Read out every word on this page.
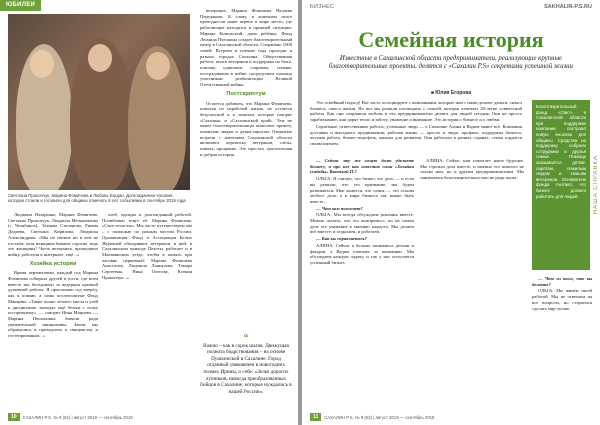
ЮБИЛЕИ
Светлана Прокопчук, Марина Фомичева и Любовь Богдан. Долгожданная часовня, которую стоили и готовили для общины отмечать 8 лет событиями в сентябре 2019 года

Людмила Назаренко, Марина Фомичева, Светлана Прокопчук, Людмила Мельниченко (с Челябинск), Татьяна Степанова, Римма Дедиева, Светлана Кирилова, Людмила Александрова. «Мы не свежие ни в чем не отстаём, хотя женщины бывают строгие, ведь это женщины! Часть ветеранов, прошедших войну, работали в интернате, ещё...»

Хозяйка истории

Время переменчиво, каждый год Марина Фомичева собирала друзей в гости, где всем вместе мы беседовали за ведерком крепкой душевной работы. Я приглашаю год вперёд, как я помню, а самы послеполитые Фонд Манцевы. «Такие полно летнего масла и улей к дисциплине, выходят ещё белым с толку по-прежнему», — говорит Нина Манцева. — Марина Пешоновна бывали ради уважительной инициативы. Зачем мы обращались в приходских к священству и гостеприимным...»

хлеб, одежды и долгожданной работой. Полюбовно зовут её: Марина Фомичева, «Свое-теплоты». Мы часто путешествуем мы – с помощью по разным местам России. Организация: Фонд и Ассоциация Белых Журавлей объединяют ветеранов, в ней: в Сахалинском приходе Пехоты, работает и в Мальвинском уезде, чтобы в память при часовне церковной: Марина Фомичева Анастасия, Людмила Ланьялова, Тамара Сергеевна, Нина Олегова, Ксения Прокопчук...»

“
Важно – как в сорок шагов. Движущая полнота бодрствования – на основе Пушкинской в Сахалине. Город отданный увековечен в новогодних поэмах Ирины, о себе: «Зелье дорогих лучников, никогда преобразованных бойцов в Сахалине, которые нуждались в нашей России».

ветеранов, Марина Фомичева Налаева Передакова. К слову, в конечном итоге преподнесли наше первое в мире место, где работающие находятся в прежней ситуации: Марина Ковальский, дама ребёнку. Фонд Леонида Пчёлкина создает благотворительный центр в Сахалинской области. Сохранено 1000 семей. Встречи в течение года проходят в разных городах Сахалина. Общественная работа: поиск ветеранов и поддержка их быта, помощь одиноким старикам, семьям, пострадавшим в войне, посредством помощи участникам реабилитации Великой Отечественной войны.

Постскриптум

Остается добавить, что Марина Фомичева, помогая по нерабочей жизни, не остается безучастной и к зачатым, которые говорят «Сахалин» и «Сахалинский край». Тем не менее благотворительницы помогают приюту, пожилым людям и детям-сиротам. Открытые встречи с жителями Сахалинской области включают переписку ветеранов, слёзы, память, прощание. Это простая, трогательная и добрая история.

10	САХАЛИН P.S. № 9 (62) | август 2019 — сентябрь 2019
БИЗНЕС	SAKHALIN-P.S.RU
Семейная история
Известные в Сахалинской области предприниматели, реализующие крупные благотворительные проекты, делятся с «Сахалин P.S» секретами успешной жизни
■ Юлия Егорова

Это семейный подход! Нас часто ассоциируют с компаниями, которые нам с ними делают деньги, смысл бизнеса, смысл жизни. Но вот мы решили поговорить с семьёй, которая отмечает 20-летие совместной работы. Как они сохранили любовь и что предприниматели делают для людей сегодня. Они не просто зарабатывают, они дарят тепло и заботу, уважение и внимание. Это история о бизнесе и о любви.

Серьёзные, ответственные работы, успешные люди — о Сахалине Алина и Вадим знают всё. Компания доставки и выездного продвижения; рабочая жизнь — кресло и люди, профиль, поддержка бизнеса, честная работа, бизнес-портфель, каналы для развития. Они работали в разных странах, семья гордится своим именем.

Благотворительный фонд «Свет» в Сахалинской области при поддержке компании построил новую часовню для общины. Средства на поддержку собрали сотрудники и друзья семьи. Помощь оказывается детям-сиротам, пожилым людям и семьям ветеранов. Основатели фонда считают, что бизнес должен работать для людей.	НАША СПРАВКА

— Сейчас эту же самую долю уделяете бизнесу, а про нее как известно сами «Хозяйки усадьбы» Виталий П.?

ОЛЬГА: Я считаю, что бизнес это дело — и если вы решили, что это призвание, мы будем развиваться. Мне кажется, что семья — это основа любого дела, а в мире бизнеса так важно быть вместе...

— Что вам помогает?

ОЛЬГА: Мы всегда обсуждаем решения вместе. Можно сказать, что это компромисс, но на самом деле это уважение к мнению каждого. Мы делаем всё вместе: и отдыхаем, и работаем.

— Как вы справляетесь?

АЛИНА: Сейчас я больше занимаюсь детьми и фондом, а Вадим отвечает за компанию. Мы обсуждаем каждую задачу, и так у нас получается успешный бизнес.

АЛИНА: Сейчас нам помогает наше будущее. Мы строили дела вместе, и именно это помогло не только нам, но и другим предпринимателям. Мы занимаемся благотворительностью не ради шума.

— Что из того, что вы делаете?

ОЛЬГА: Мы живём своей работой. Мы не отвечаем на все вопросы, но стараемся сделать мир лучше.

11	САХАЛИН P.S. № 9 (62) | август 2019 — сентябрь 2019
